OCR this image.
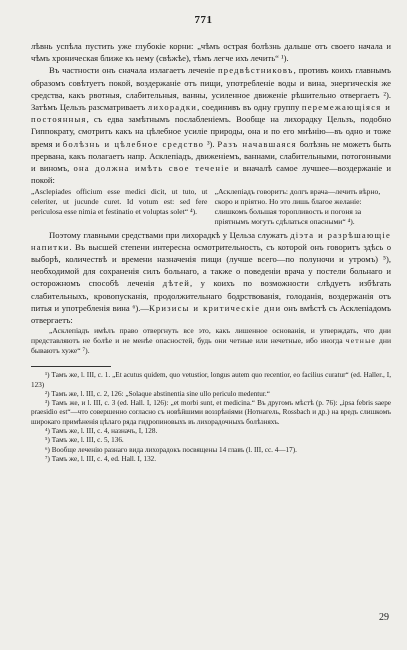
771

лѣвнь успѣла пустить уже глубокіе корни: „чѣмъ острая болѣзнь дальше отъ своего начала и чѣмъ хроническая ближе къ нему (свѣжѣе), тѣмъ легче ихъ лечить“ ¹).

Въ частности онъ сначала излагаетъ леченіе предвѣстниковъ, противъ коихъ главнымъ образомъ совѣтуетъ покой, воздержаніе отъ пищи, употребленіе воды и вина, энергическія же средства, какъ рвотныя, слабительныя, ванны, усиленное движеніе рѣшительно отвергаетъ ²). Затѣмъ Цельзъ разсматриваетъ лихорадки, соединивъ въ одну группу перемежающіяся и постоянныя, съ едва замѣтнымъ послабленіемъ. Вообще на лихорадку Цельзъ, подобно Гиппократу, смотритъ какъ на цѣлебное усиліе природы, она и по его мнѣнію—въ одно и тоже время и болѣзнь и цѣлебное средство ³). Разъ начавшаяся болѣзнь не можетъ быть прервана, какъ полагаетъ напр. Асклепіадъ, движеніемъ, ваннами, слабительными, потогонными и виномъ, она должна имѣть свое теченіе и вначалѣ самое лучшее—воздержаніе и покой:

„Asclepiades officium esse medici dicit, ut tuto, ut celeriter, ut jucunde curet. Id votum est: sed fere periculosa esse nimia et festinatio et voluptas solet“ ⁴).
„Асклепіадъ говоритъ: долгъ врача—лечить вѣрно, скоро и пріятно. Но это лишь благое желаніе: слишкомъ большая торопливость и погоня за пріятнымъ могутъ сдѣлаться опасными“ ⁴).

Поэтому главными средствами при лихорадкѣ у Цельза служатъ діэта и разрѣшающіе напитки. Въ высшей степени интересна осмотрительность, съ которой онъ говоритъ здѣсь о выборѣ, количествѣ и времени назначенія пищи (лучше всего—по полуночи и утромъ) ⁵), необходимой для сохраненія силъ больнаго, а также о поведеніи врача у постели больнаго и осторожномъ способѣ леченія дѣтей, у коихъ по возможности слѣдуетъ избѣгать слабительныхъ, кровопусканія, продолжительнаго бодрствованія, голоданія, воздержанія отъ питья и употребленія вина ⁶).—Кризисы и критическіе дни онъ вмѣстѣ съ Асклепіадомъ отвергаетъ:

„Асклепіадъ имѣлъ право отвергнуть все это, какъ лишенное основанія, и утверждать, что дни представляютъ не болѣе и не менѣе опасностей, будь они четные или нечетные, ибо иногда четные дни бываютъ хуже“ ⁷).

¹) Тамъ же, l. III, с. 1. „Et acutus quidem, quo vetustior, longus autem quo recentior, eo facilius curatur“ (ed. Haller., I, 123)

²) Тамъ же, l. III, с. 2, 126: „Solaque abstinentia sine ullo periculo medentur.“

³) Тамъ же, и l. III, c. 3 (ed. Hall. I, 126): „et morbi sunt, et medicina.“ Въ другомъ мѣстѣ (p. 76): „ipsa febris saepe praesidio est“—что совершенно согласно съ новѣйшими воззрѣніями (Нотнагель, Rossbach и др.) на вредъ слишкомъ широкаго примѣненія цѣлаго ряда гидропиновыхъ въ лихорадочныхъ болѣзняхъ.

⁴) Тамъ же, l. III, с. 4, назначъ, I, 128.

⁵) Тамъ же, l. III, с. 5, 136.

⁶) Вообще леченію разнаго вида лихорадокъ посвящены 14 главъ (l. III, сс. 4—17).

⁷) Тамъ же, l. III, с. 4, ed. Hall. I, 132.

29
